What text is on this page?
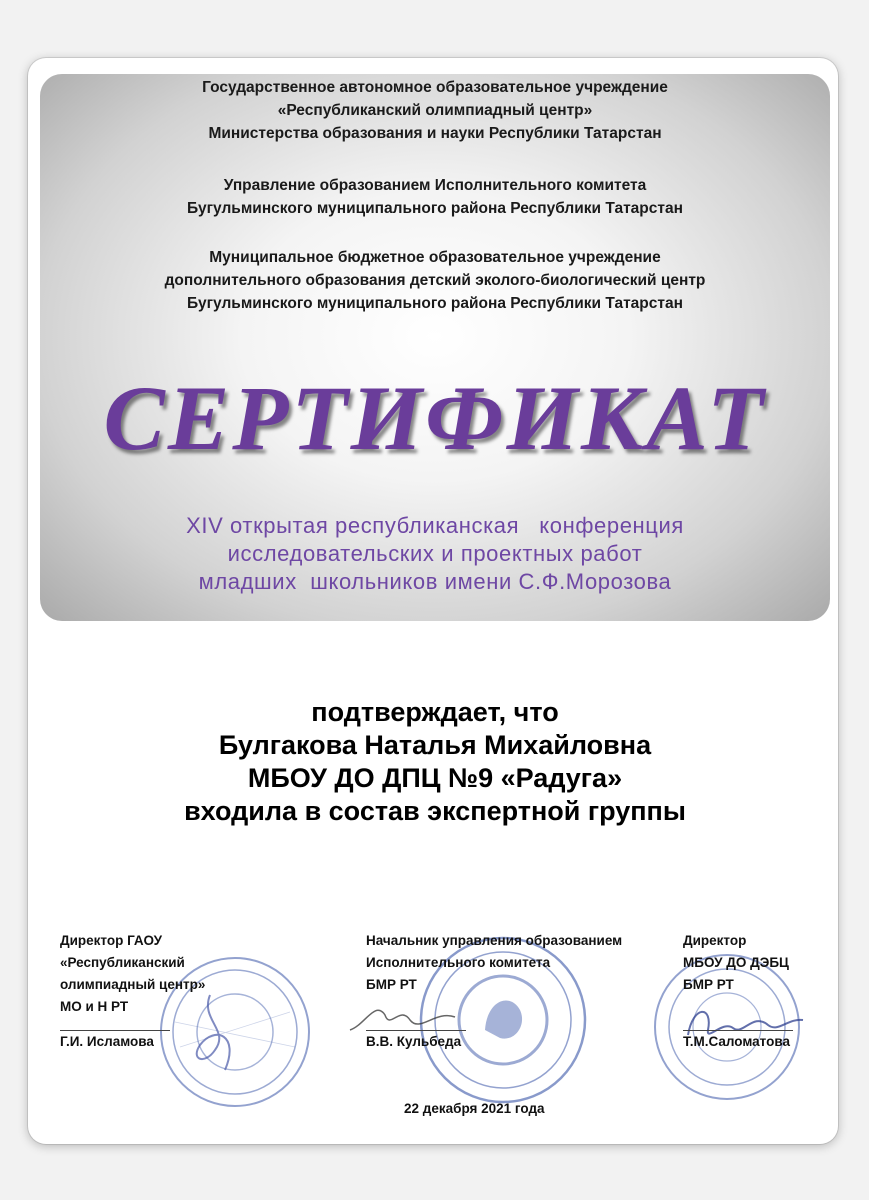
Государственное автономное образовательное учреждение
«Республиканский олимпиадный центр»
Министерства образования и науки Республики Татарстан
Управление образованием Исполнительного комитета
Бугульминского муниципального района Республики Татарстан
Муниципальное бюджетное образовательное учреждение
дополнительного образования детский эколого-биологический центр
Бугульминского муниципального района Республики Татарстан
СЕРТИФИКАТ
XIV открытая республиканская   конференция
исследовательских и проектных работ
младших  школьников имени С.Ф.Морозова
подтверждает, что
Булгакова Наталья Михайловна
МБОУ ДО ДПЦ №9 «Радуга»
входила в состав экспертной группы
Директор ГАОУ
«Республиканский
олимпиадный центр»
МО и Н РТ
Г.И. Исламова
Начальник управления образованием
Исполнительного комитета
БМР РТ
В.В. Кульбеда
Директор
МБОУ ДО ДЭБЦ
БМР РТ
Т.М.Саломатова
22 декабря 2021 года
